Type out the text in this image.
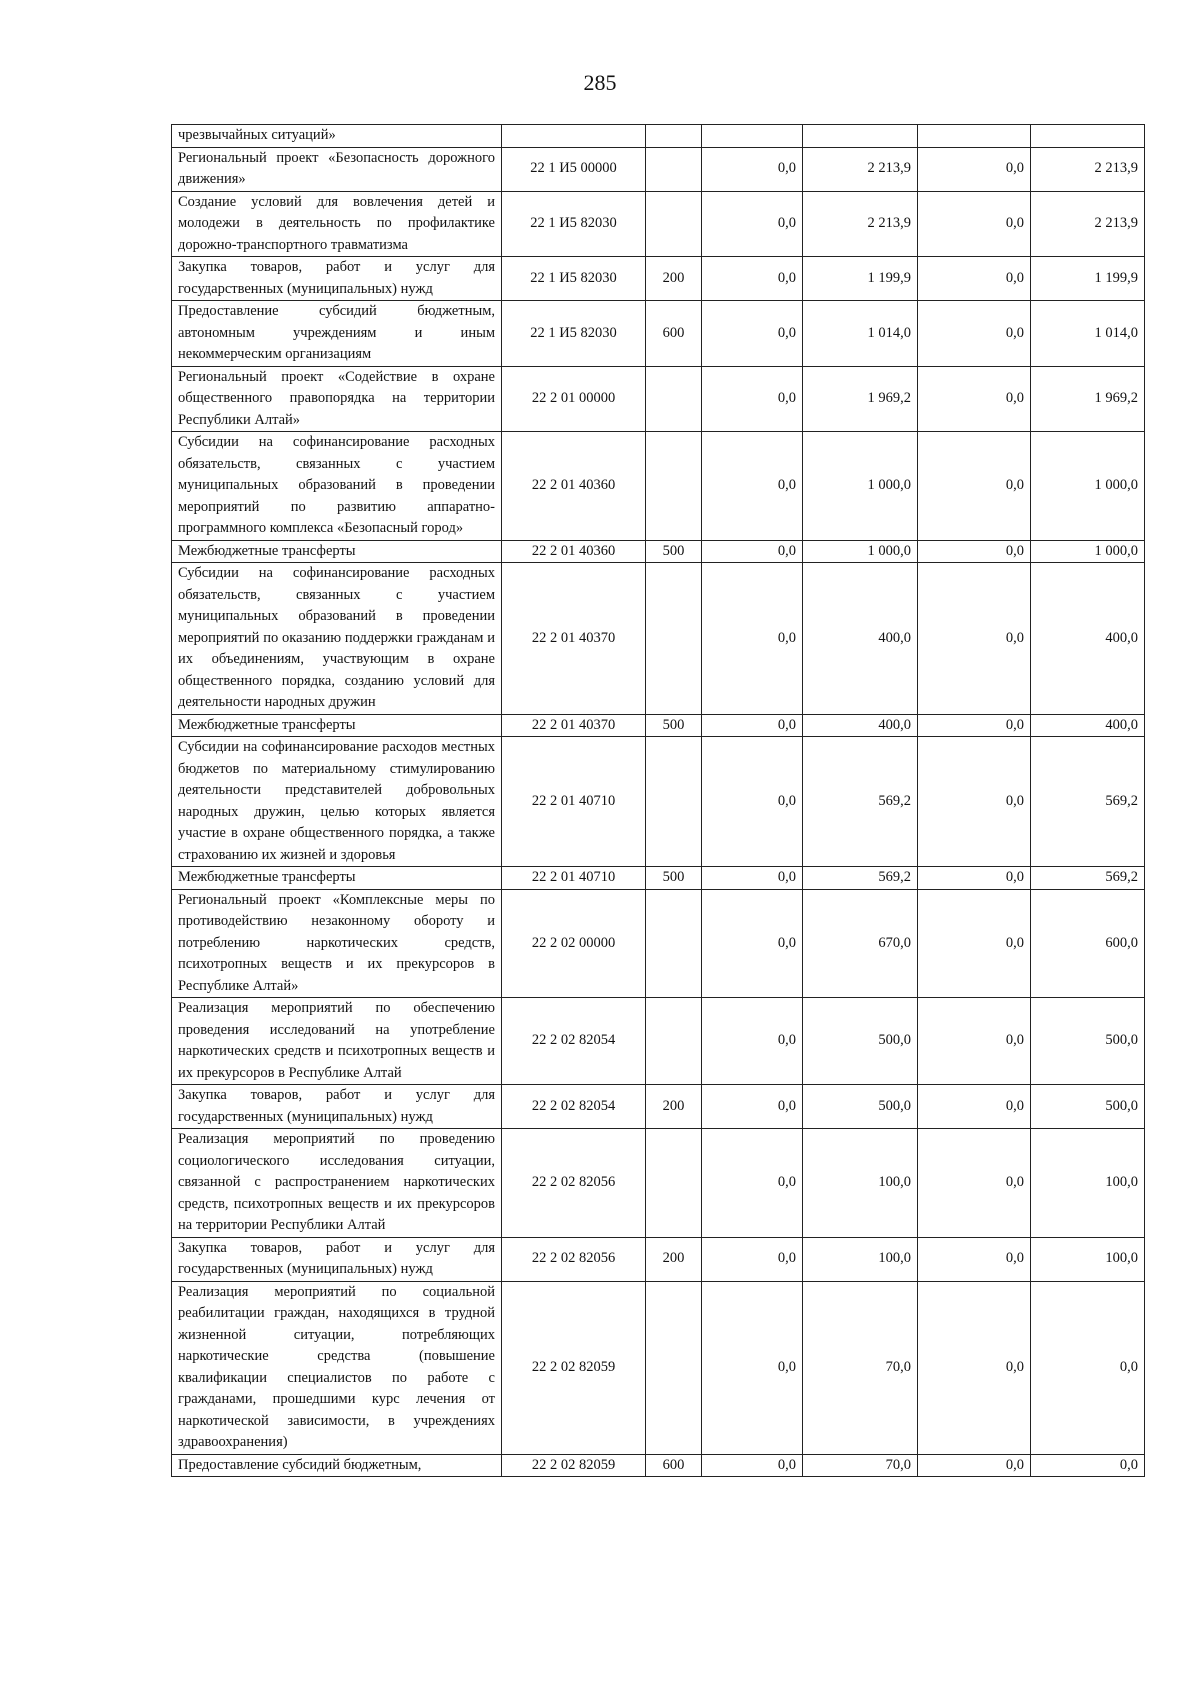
285
чрезвычайных ситуаций»						
Региональный проект «Безопасность дорожного движения»	22 1 И5 00000		0,0	2 213,9	0,0	2 213,9
Создание условий для вовлечения детей и молодежи в деятельность по профилактике дорожно-транспортного травматизма	22 1 И5 82030		0,0	2 213,9	0,0	2 213,9
Закупка товаров, работ и услуг для государственных (муниципальных) нужд	22 1 И5 82030	200	0,0	1 199,9	0,0	1 199,9
Предоставление субсидий бюджетным, автономным учреждениям и иным некоммерческим организациям	22 1 И5 82030	600	0,0	1 014,0	0,0	1 014,0
Региональный проект «Содействие в охране общественного правопорядка на территории Республики Алтай»	22 2 01 00000		0,0	1 969,2	0,0	1 969,2
Субсидии на софинансирование расходных обязательств, связанных с участием муниципальных образований в проведении мероприятий по развитию аппаратно-программного комплекса «Безопасный город»	22 2 01 40360		0,0	1 000,0	0,0	1 000,0
Межбюджетные трансферты	22 2 01 40360	500	0,0	1 000,0	0,0	1 000,0
Субсидии на софинансирование расходных обязательств, связанных с участием муниципальных образований в проведении мероприятий по оказанию поддержки гражданам и их объединениям, участвующим в охране общественного порядка, созданию условий для деятельности народных дружин	22 2 01 40370		0,0	400,0	0,0	400,0
Межбюджетные трансферты	22 2 01 40370	500	0,0	400,0	0,0	400,0
Субсидии на софинансирование расходов местных бюджетов по материальному стимулированию деятельности представителей добровольных народных дружин, целью которых является участие в охране общественного порядка, а также страхованию их жизней и здоровья	22 2 01 40710		0,0	569,2	0,0	569,2
Межбюджетные трансферты	22 2 01 40710	500	0,0	569,2	0,0	569,2
Региональный проект «Комплексные меры по противодействию незаконному обороту и потреблению наркотических средств, психотропных веществ и их прекурсоров в Республике Алтай»	22 2 02 00000		0,0	670,0	0,0	600,0
Реализация мероприятий по обеспечению проведения исследований на употребление наркотических средств и психотропных веществ и их прекурсоров в Республике Алтай	22 2 02 82054		0,0	500,0	0,0	500,0
Закупка товаров, работ и услуг для государственных (муниципальных) нужд	22 2 02 82054	200	0,0	500,0	0,0	500,0
Реализация мероприятий по проведению социологического исследования ситуации, связанной с распространением наркотических средств, психотропных веществ и их прекурсоров на территории Республики Алтай	22 2 02 82056		0,0	100,0	0,0	100,0
Закупка товаров, работ и услуг для государственных (муниципальных) нужд	22 2 02 82056	200	0,0	100,0	0,0	100,0
Реализация мероприятий по социальной реабилитации граждан, находящихся в трудной жизненной ситуации, потребляющих наркотические средства (повышение квалификации специалистов по работе с гражданами, прошедшими курс лечения от наркотической зависимости, в учреждениях здравоохранения)	22 2 02 82059		0,0	70,0	0,0	0,0
Предоставление субсидий бюджетным,	22 2 02 82059	600	0,0	70,0	0,0	0,0
